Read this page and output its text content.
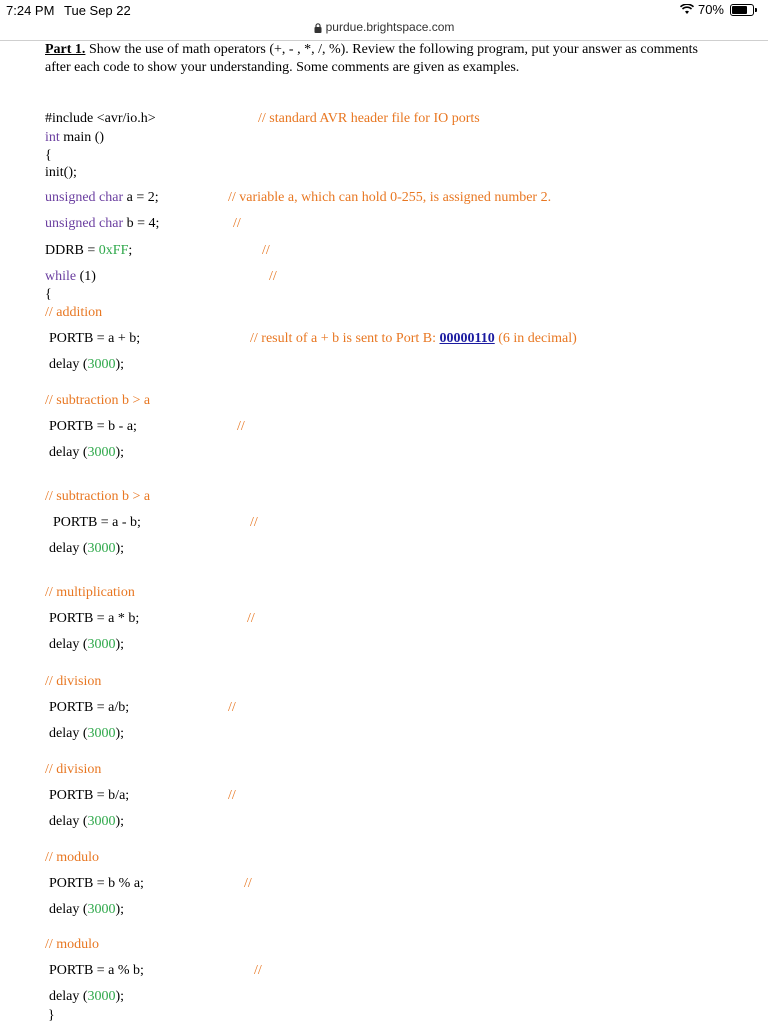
7:24 PM Tue Sep 22	70%
purdue.brightspace.com
Part 1. Show the use of math operators (+, - , *, /, %). Review the following program, put your answer as comments after each code to show your understanding. Some comments are given as examples.
#include <avr/io.h>	// standard AVR header file for IO ports
int main ()
{
init();
unsigned char a = 2;	// variable a, which can hold 0-255, is assigned number 2.
unsigned char b = 4;	//
DDRB = 0xFF;	//
while (1)	//
{
// addition
PORTB = a + b;	// result of a + b is sent to Port B: 00000110 (6 in decimal)
delay (3000);
// subtraction b > a
PORTB = b - a;	//
delay (3000);
// subtraction b > a
PORTB = a - b;	//
delay (3000);
// multiplication
PORTB = a * b;	//
delay (3000);
// division
PORTB = a/b;	//
delay (3000);
// division
PORTB = b/a;	//
delay (3000);
// modulo
PORTB = b % a;	//
delay (3000);
// modulo
PORTB = a % b;	//
delay (3000);
}
